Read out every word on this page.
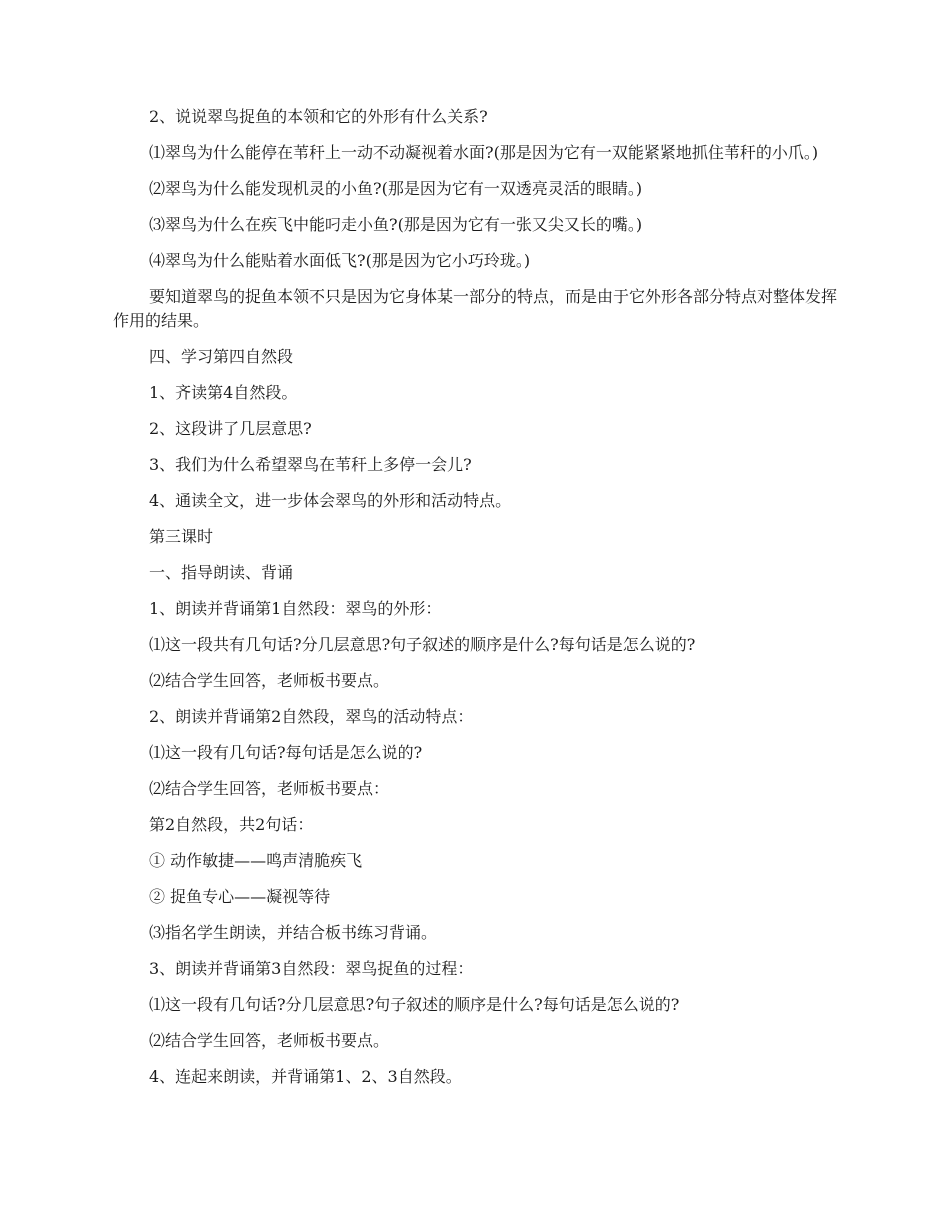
2、说说翠鸟捉鱼的本领和它的外形有什么关系?

⑴翠鸟为什么能停在苇秆上一动不动凝视着水面?(那是因为它有一双能紧紧地抓住苇秆的小爪。)

⑵翠鸟为什么能发现机灵的小鱼?(那是因为它有一双透亮灵活的眼睛。)

⑶翠鸟为什么在疾飞中能叼走小鱼?(那是因为它有一张又尖又长的嘴。)

⑷翠鸟为什么能贴着水面低飞?(那是因为它小巧玲珑。)

要知道翠鸟的捉鱼本领不只是因为它身体某一部分的特点，而是由于它外形各部分特点对整体发挥作用的结果。

四、学习第四自然段

1、齐读第4自然段。

2、这段讲了几层意思?

3、我们为什么希望翠鸟在苇秆上多停一会儿?

4、通读全文，进一步体会翠鸟的外形和活动特点。

第三课时

一、指导朗读、背诵

1、朗读并背诵第1自然段：翠鸟的外形：

⑴这一段共有几句话?分几层意思?句子叙述的顺序是什么?每句话是怎么说的?

⑵结合学生回答，老师板书要点。

2、朗读并背诵第2自然段，翠鸟的活动特点：

⑴这一段有几句话?每句话是怎么说的?

⑵结合学生回答，老师板书要点：

第2自然段，共2句话：

① 动作敏捷——鸣声清脆疾飞

② 捉鱼专心——凝视等待

⑶指名学生朗读，并结合板书练习背诵。

3、朗读并背诵第3自然段：翠鸟捉鱼的过程：

⑴这一段有几句话?分几层意思?句子叙述的顺序是什么?每句话是怎么说的?

⑵结合学生回答，老师板书要点。

4、连起来朗读，并背诵第1、2、3自然段。
